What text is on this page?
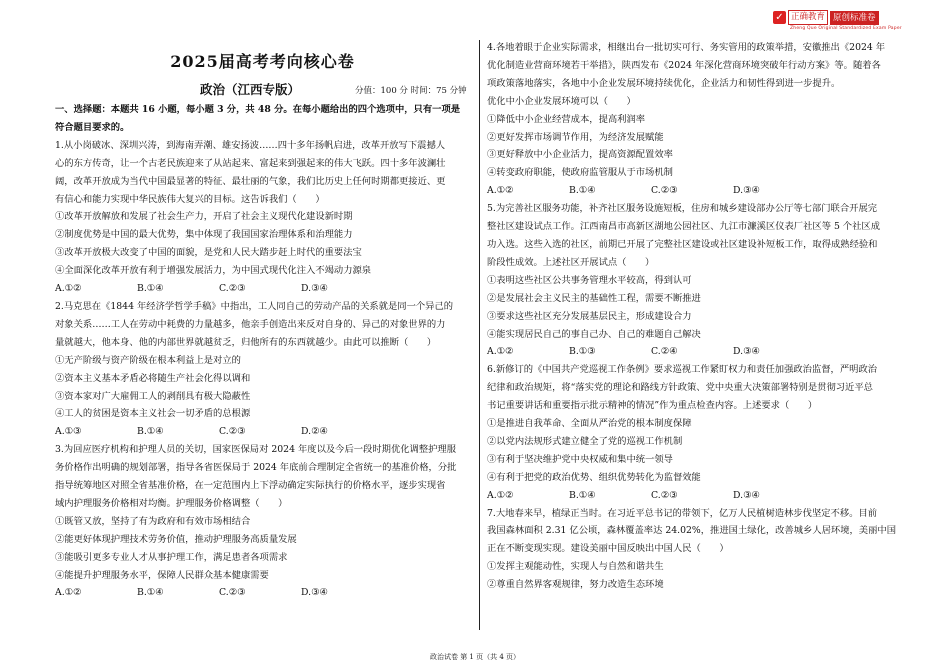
✓ 正确教育 原创标准卷
Zheng Que Original Standardized Exam Paper
2025届高考考向核心卷
政治（江西专版）	分值：100 分 时间：75 分钟
一、选择题：本题共 16 小题，每小题 3 分，共 48 分。在每小题给出的四个选项中，只有一项是
符合题目要求的。
1.从小岗破冰、深圳兴涛，到海南弄潮、雄安扬波……四十多年扬帆启进，改革开放写下震撼人
心的东方传奇，让一个古老民族迎来了从站起来、富起来到强起来的伟大飞跃。四十多年波澜壮
阔，改革开放成为当代中国最显著的特征、最壮丽的气象，我们比历史上任何时期都更接近、更
有信心和能力实现中华民族伟大复兴的目标。这告诉我们（　　）
①改革开放解放和发展了社会生产力，开启了社会主义现代化建设新时期
②制度优势是中国的最大优势，集中体现了我国国家治理体系和治理能力
③改革开放极大改变了中国的面貌，是党和人民大踏步赶上时代的重要法宝
④全面深化改革开放有利于增强发展活力，为中国式现代化注入不竭动力源泉
A.①②	B.①④	C.②③	D.③④
2.马克思在《1844 年经济学哲学手稿》中指出，工人同自己的劳动产品的关系就是同一个异己的
对象关系……工人在劳动中耗费的力量越多，他亲手创造出来反对自身的、异己的对象世界的力
量就越大，他本身、他的内部世界就越贫乏，归他所有的东西就越少。由此可以推断（　　）
①无产阶级与资产阶级在根本利益上是对立的
②资本主义基本矛盾必将随生产社会化得以调和
③资本家对广大雇佣工人的剥削具有极大隐蔽性
④工人的贫困是资本主义社会一切矛盾的总根源
A.①③	B.①④	C.②③	D.②④
3.为回应医疗机构和护理人员的关切，国家医保局对 2024 年度以及今后一段时期优化调整护理服
务价格作出明确的规划部署，指导各省医保局于 2024 年底前合理制定全省统一的基准价格，分批
指导统筹地区对照全省基准价格，在一定范围内上下浮动确定实际执行的价格水平，逐步实现省
域内护理服务价格相对均衡。护理服务价格调整（　　）
①既管又放，坚持了有为政府和有效市场相结合
②能更好体现护理技术劳务价值，推动护理服务高质量发展
③能吸引更多专业人才从事护理工作，满足患者各项需求
④能提升护理服务水平，保障人民群众基本健康需要
A.①②	B.①④	C.②③	D.③④
4.各地着眼于企业实际需求，相继出台一批切实可行、务实管用的政策举措，安徽推出《2024 年
优化制造业营商环境若干举措》，陕西发布《2024 年深化营商环境突破年行动方案》等。随着各
项政策落地落实，各地中小企业发展环境持续优化，企业活力和韧性得到进一步提升。
优化中小企业发展环境可以（　　）
①降低中小企业经营成本，提高利润率
②更好发挥市场调节作用，为经济发展赋能
③更好释放中小企业活力，提高资源配置效率
④转变政府职能，使政府监管服从于市场机制
A.①②	B.①④	C.②③	D.③④
5.为完善社区服务功能，补齐社区服务设施短板，住房和城乡建设部办公厅等七部门联合开展完
整社区建设试点工作。江西南昌市高新区湖地公园社区、九江市濂溪区仪表厂社区等 5 个社区成
功入选。这些入选的社区，前期已开展了完整社区建设或社区建设补短板工作，取得成熟经验和
阶段性成效。上述社区开展试点（　　）
①表明这些社区公共事务管理水平较高，得到认可
②是发展社会主义民主的基础性工程，需要不断推进
③要求这些社区充分发展基层民主，形成建设合力
④能实现居民自己的事自己办、自己的难题自己解决
A.①②	B.①③	C.②④	D.③④
6.新修订的《中国共产党巡视工作条例》要求巡视工作紧盯权力和责任加强政治监督，严明政治
纪律和政治规矩，将“落实党的理论和路线方针政策、党中央重大决策部署特别是贯彻习近平总
书记重要讲话和重要指示批示精神的情况”作为重点检查内容。上述要求（　　）
①是推进自我革命、全面从严治党的根本制度保障
②以党内法规形式建立健全了党的巡视工作机制
③有利于坚决维护党中央权威和集中统一领导
④有利于把党的政治优势、组织优势转化为监督效能
A.①②	B.①④	C.②③	D.③④
7.大地春来早，植绿正当时。在习近平总书记的带领下，亿万人民植树造林步伐坚定不移。目前
我国森林面积 2.31 亿公顷，森林覆盖率达 24.02%，推进国土绿化，改善城乡人居环境，美丽中国
正在不断变现实现。建设美丽中国反映出中国人民（　　）
①发挥主观能动性，实现人与自然和谐共生
②尊重自然界客观规律，努力改造生态环境
政治试卷 第 1 页（共 4 页）
